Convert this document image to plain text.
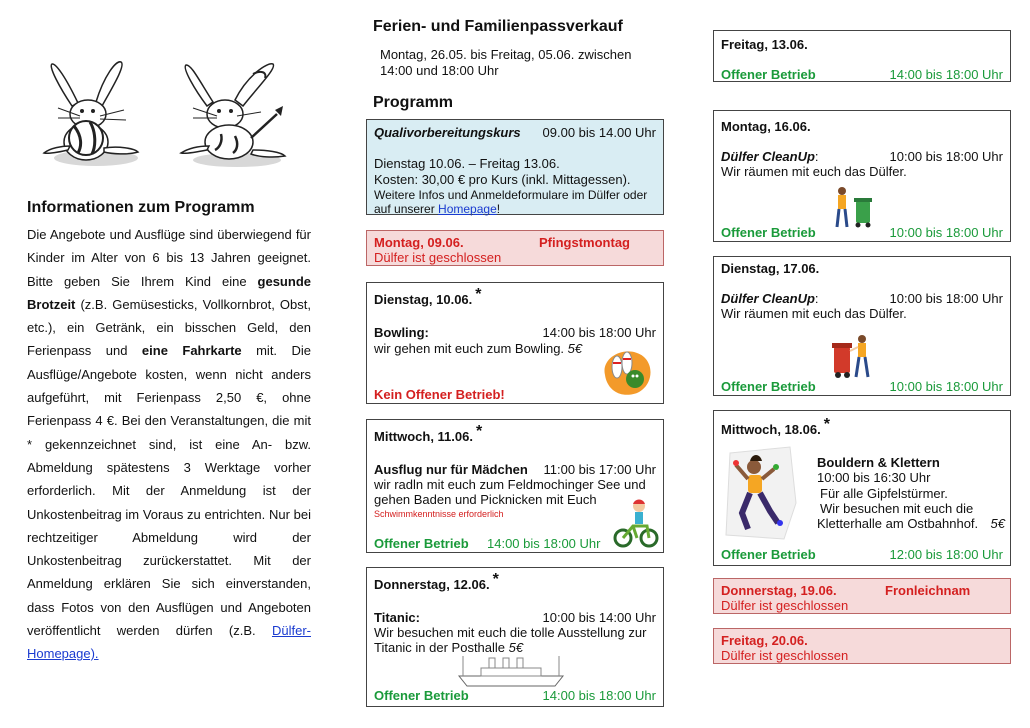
Informationen zum Programm
Die Angebote und Ausflüge sind überwiegend für Kinder im Alter von 6 bis 13 Jahren geeignet. Bitte geben Sie Ihrem Kind eine gesunde Brotzeit (z.B. Gemüsesticks, Vollkornbrot, Obst, etc.), ein Getränk, ein bisschen Geld, den Ferienpass und eine Fahrkarte mit. Die Ausflüge/Angebote kosten, wenn nicht anders aufgeführt, mit Ferienpass 2,50 €, ohne Ferienpass 4 €. Bei den Veranstaltungen, die mit * gekennzeichnet sind, ist eine An- bzw. Abmeldung spätestens 3 Werktage vorher erforderlich. Mit der Anmeldung ist der Unkostenbeitrag im Voraus zu entrichten. Nur bei rechtzeitiger Abmeldung wird der Unkostenbeitrag zurückerstattet. Mit der Anmeldung erklären Sie sich einverstanden, dass Fotos von den Ausflügen und Angeboten veröffentlicht werden dürfen (z.B. Dülfer-Homepage).
Ferien- und Familienpassverkauf
Montag, 26.05. bis Freitag, 05.06. zwischen
14:00 und 18:00 Uhr
Programm
Qualivorbereitungskurs 09.00 bis 14.00 Uhr
Dienstag 10.06. – Freitag 13.06.
Kosten: 30,00 € pro Kurs (inkl. Mittagessen).
Weitere Infos und Anmeldeformulare im Dülfer oder
auf unserer Homepage!
Montag, 09.06.	Pfingstmontag
Dülfer ist geschlossen
Dienstag, 10.06. *
Bowling:	14:00 bis 18:00 Uhr
wir gehen mit euch zum Bowling. 5€
Kein Offener Betrieb!
Mittwoch, 11.06. *
Ausflug nur für Mädchen 11:00 bis 17:00 Uhr
wir radln mit euch zum Feldmochinger See und
gehen Baden und Picknicken mit Euch
Schwimmkenntnisse erforderlich
Offener Betrieb 14:00 bis 18:00 Uhr
Donnerstag, 12.06. *
Titanic:	10:00 bis 14:00 Uhr
Wir besuchen mit euch die tolle Ausstellung zur
Titanic in der Posthalle 5€
Offener Betrieb	14:00 bis 18:00 Uhr
Freitag, 13.06.
Offener Betrieb	14:00 bis 18:00 Uhr
Montag, 16.06.
Dülfer CleanUp:	10:00 bis 18:00 Uhr
Wir räumen mit euch das Dülfer.
Offener Betrieb	10:00 bis 18:00 Uhr
Dienstag, 17.06.
Dülfer CleanUp:	10:00 bis 18:00 Uhr
Wir räumen mit euch das Dülfer.
Offener Betrieb	10:00 bis 18:00 Uhr
Mittwoch, 18.06. *
Bouldern & Klettern
10:00 bis 16:30 Uhr
Für alle Gipfelstürmer.
Wir besuchen mit euch die
Kletterhalle am Ostbahnhof. 5€
Offener Betrieb	12:00 bis 18:00 Uhr
Donnerstag, 19.06.	Fronleichnam
Dülfer ist geschlossen
Freitag, 20.06.
Dülfer ist geschlossen
